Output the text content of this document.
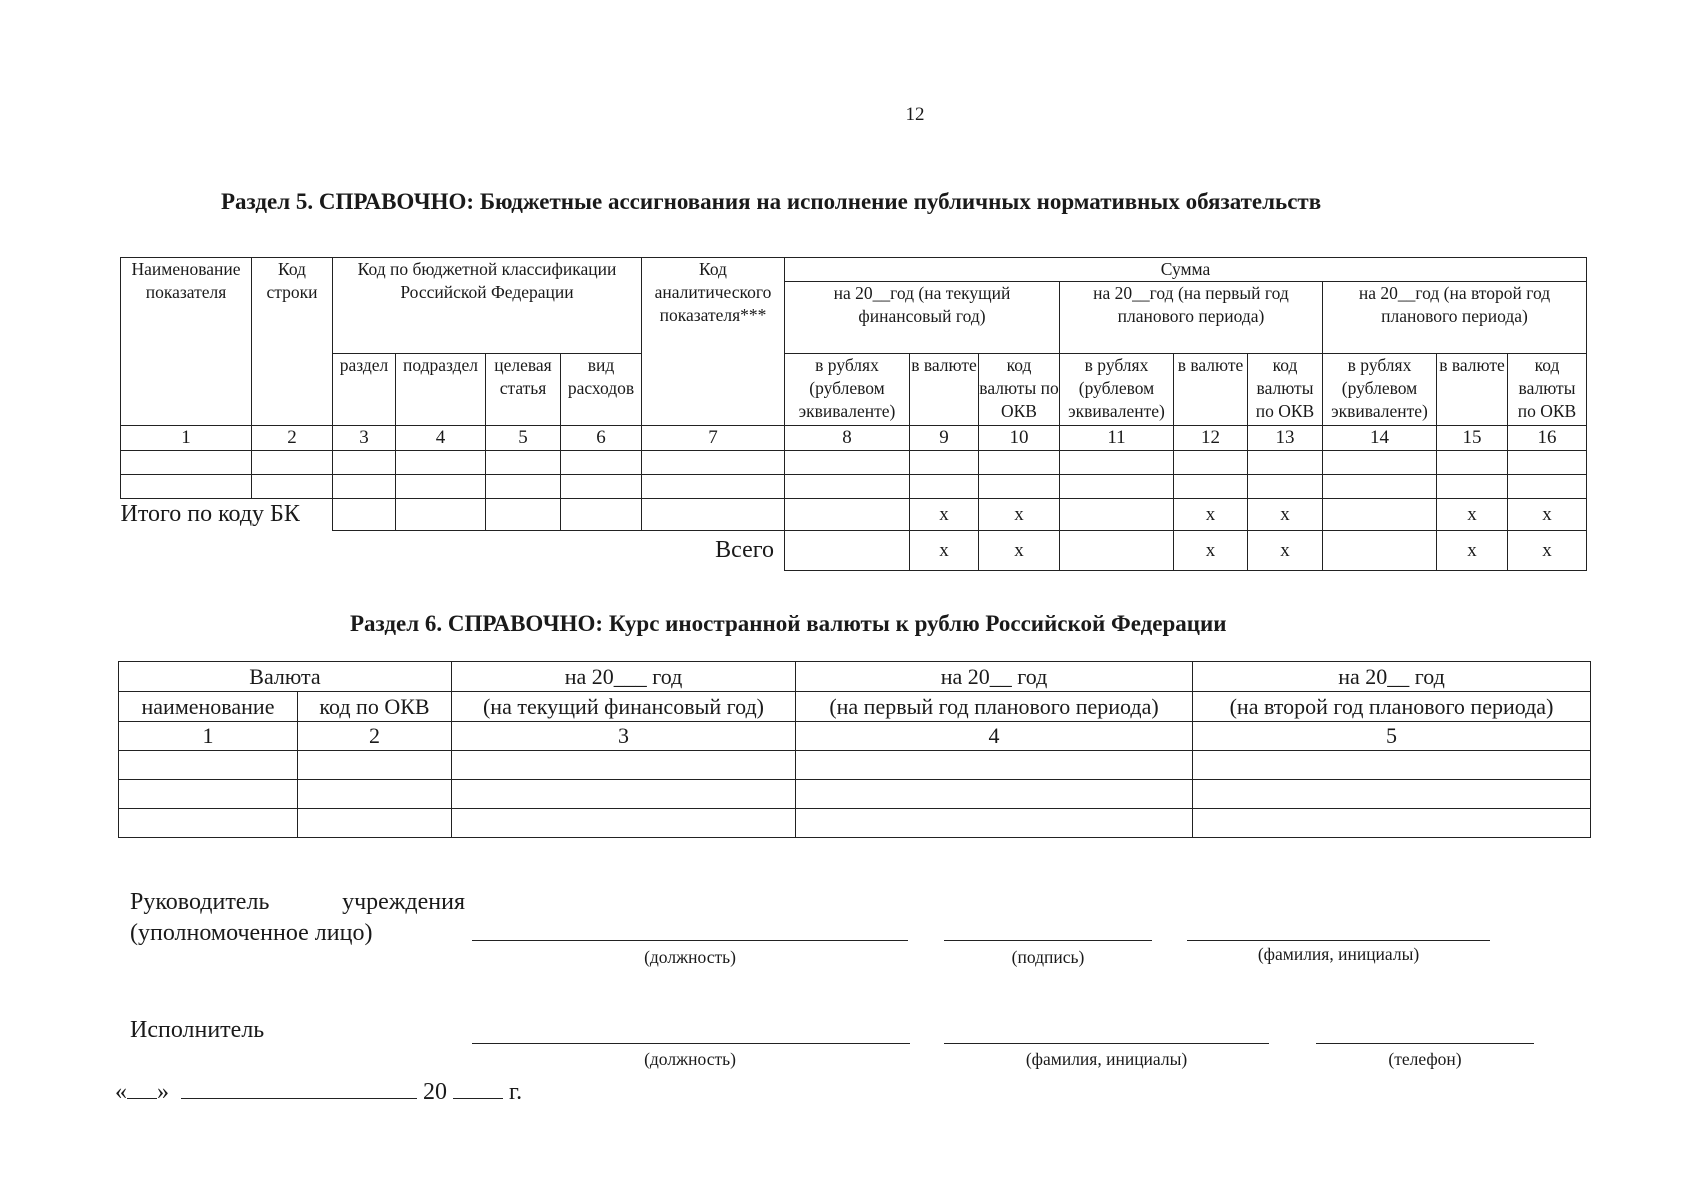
12
Раздел 5. СПРАВОЧНО: Бюджетные ассигнования на исполнение публичных нормативных обязательств
Наименование показателя	Код строки	Код по бюджетной классификации Российской Федерации				Код аналитического показателя***	Сумма								
							на 20__год (на текущий финансовый год)			на 20__год (на первый год планового периода)			на 20__год (на второй год планового периода)		
		раздел	подраздел	целевая статья	вид расходов		в рублях (рублевом эквиваленте)	в валюте	код валюты по ОКВ	в рублях (рублевом эквиваленте)	в валюте	код валюты по ОКВ	в рублях (рублевом эквиваленте)	в валюте	код валюты по ОКВ
1	2	3	4	5	6	7	8	9	10	11	12	13	14	15	16

Итого по коду БК								x	x		x	x		x	x
Всего								x	x		x	x		x	x
Раздел 6. СПРАВОЧНО: Курс иностранной валюты к рублю Российской Федерации
Валюта		на 20___ год	на 20__ год	на 20__ год
наименование	код по ОКВ	(на текущий финансовый год)	(на первый год планового периода)	(на второй год планового периода)
1	2	3	4	5

Руководитель учреждения
(уполномоченное лицо)
(должность)	(подпись)	(фамилия, инициалы)
Исполнитель
(должность)	(фамилия, инициалы)	(телефон)
« »	20	г.
